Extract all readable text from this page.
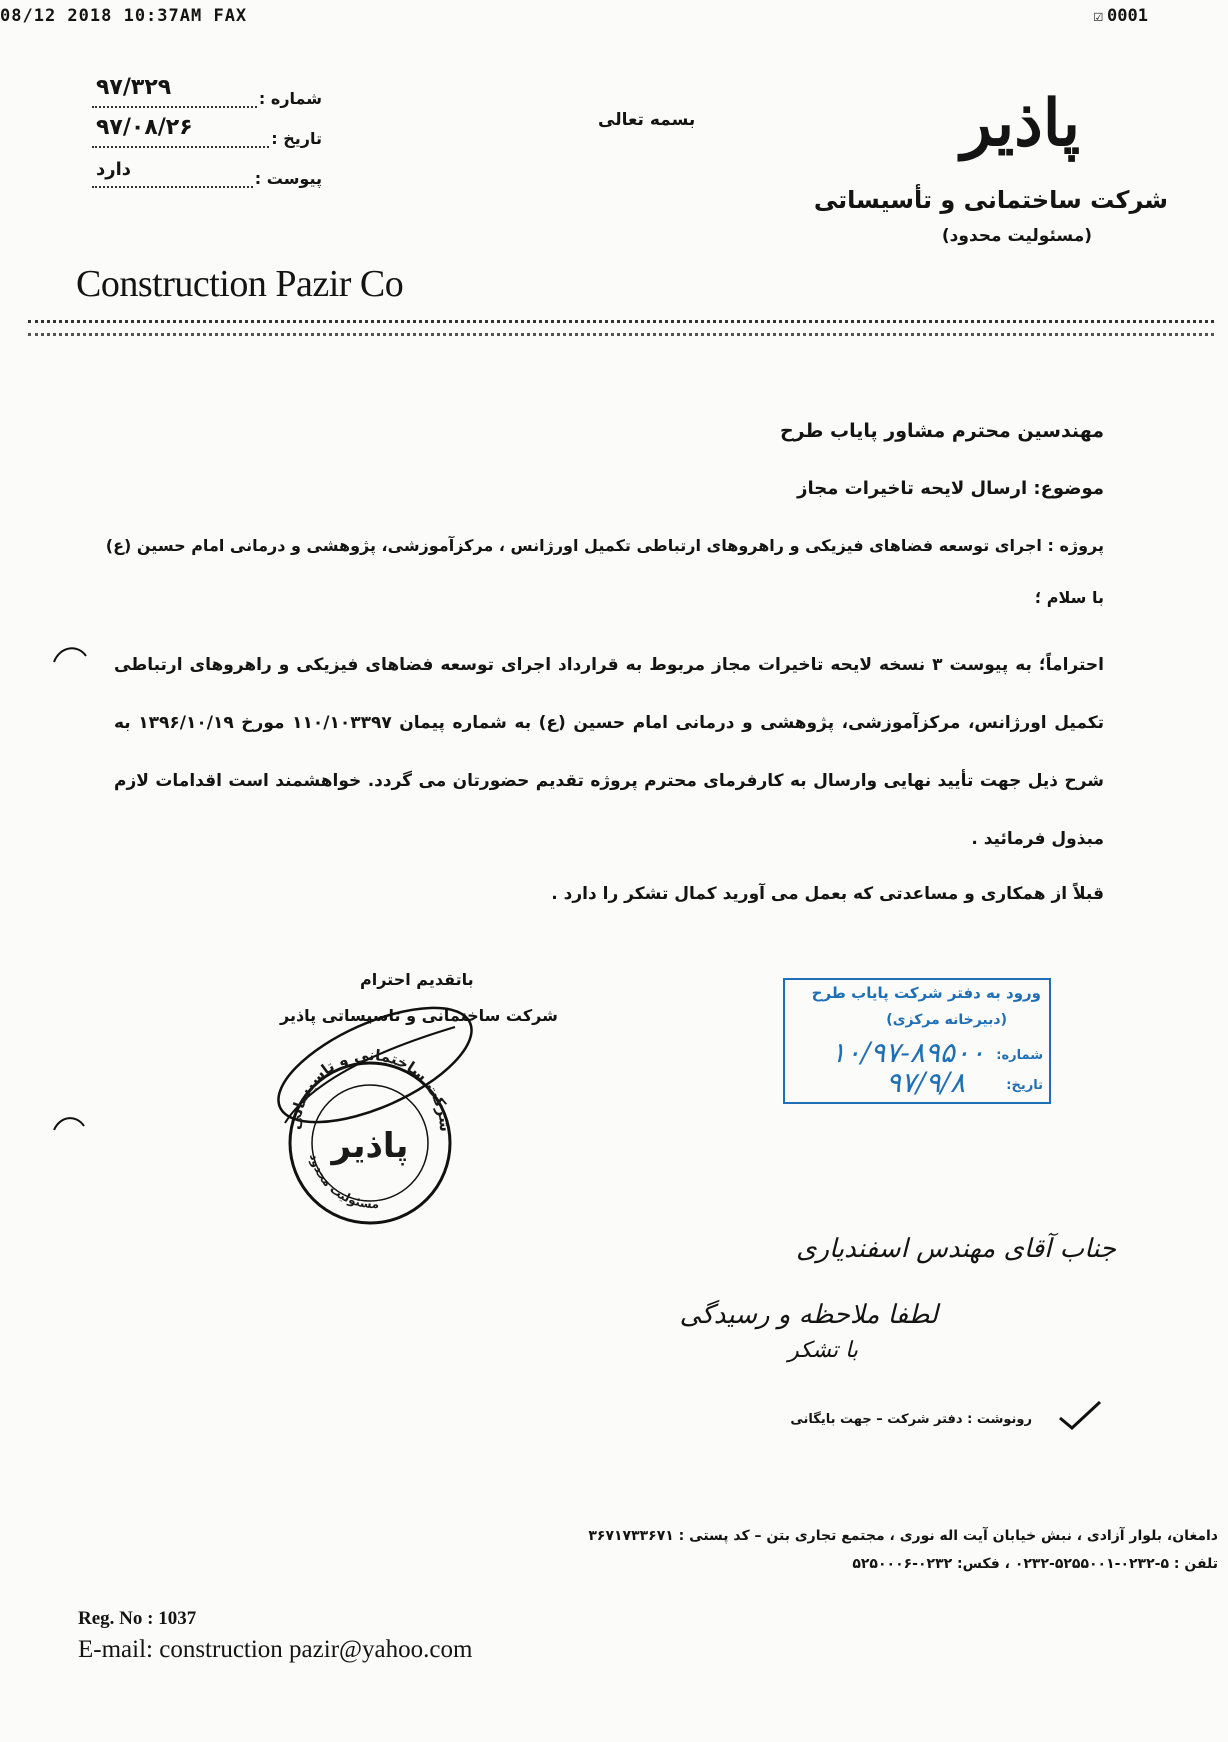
08/12 2018 10:37AM FAX	☑ 0001
شماره :
۹۷/۳۲۹
تاریخ :
۹۷/۰۸/۲۶
پیوست :
دارد
بسمه تعالی	پاذیر
شرکت ساختمانی و تأسیساتی
(مسئولیت محدود)
Construction Pazir Co
مهندسین محترم مشاور پایاب طرح
موضوع: ارسال لایحه تاخیرات مجاز
پروژه : اجرای توسعه فضاهای فیزیکی و راهروهای ارتباطی تکمیل اورژانس ، مرکزآموزشی، پژوهشی و درمانی امام حسین (ع)
با سلام ؛
احتراماً؛ به پیوست ۳ نسخه لایحه تاخیرات مجاز مربوط به قرارداد اجرای توسعه فضاهای فیزیکی و راهروهای ارتباطی تکمیل اورژانس، مرکزآموزشی، پژوهشی و درمانی امام حسین (ع) به شماره پیمان ۱۱۰/۱۰۳۳۹۷ مورخ ۱۳۹۶/۱۰/۱۹ به شرح ذیل جهت تأیید نهایی وارسال به کارفرمای محترم پروژه تقدیم حضورتان می گردد. خواهشمند است اقدامات لازم مبذول فرمائید .
قبلاً از همکاری و مساعدتی که بعمل می آورید کمال تشکر را دارد .
باتقدیم احترام
شرکت ساختمانی و تاسیساتی پاذیر
شرکت ساختمانی و تاسیساتی
پاذیر
مسئولیت محدود
ورود به دفتر شرکت پایاب طرح
(دبیرخانه مرکزی)
شماره:
۱۰/۹۷-۸۹۵۰۰
تاریخ:
۹۷/۹/۸
جناب آقای مهندس اسفندیاری
لطفا ملاحظه و رسیدگی
با تشکر
رونوشت : دفتر شرکت – جهت بایگانی
دامغان، بلوار آزادی ، نبش خیابان آیت اله نوری ، مجتمع تجاری بتن – کد پستی : ۳۶۷۱۷۳۳۶۷۱
تلفن : ۵-۰۲۳۲-۵۲۵۵۰۰۱-۰۲۳۲ ، فکس: ۰۲۳۲-۵۲۵۰۰۰۶
Reg. No : 1037
E-mail: construction pazir@yahoo.com
